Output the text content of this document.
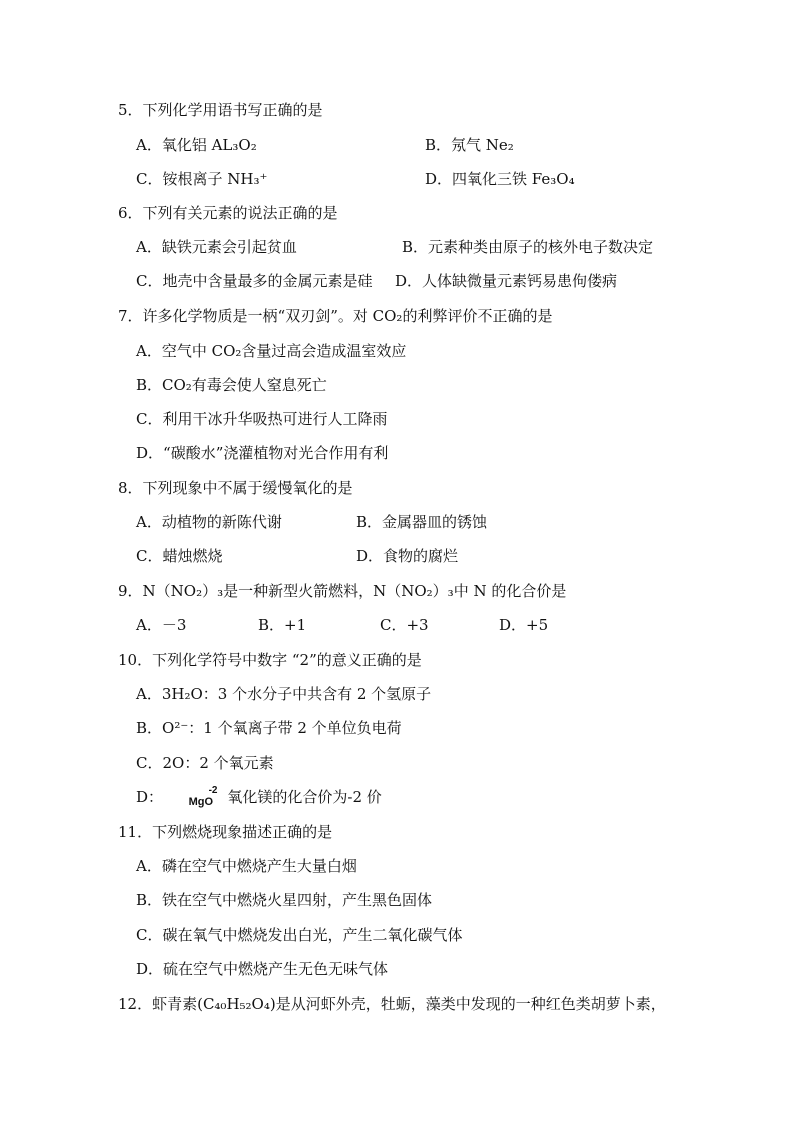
5．下列化学用语书写正确的是
A．氧化铝 AL₃O₂	B．氖气 Ne₂
C．铵根离子 NH₃⁺	D．四氧化三铁 Fe₃O₄
6．下列有关元素的说法正确的是
A．缺铁元素会引起贫血	B．元素种类由原子的核外电子数决定
C．地壳中含量最多的金属元素是硅 D．人体缺微量元素钙易患佝偻病
7．许多化学物质是一柄“双刃剑”。对 CO₂的利弊评价不正确的是
A．空气中 CO₂含量过高会造成温室效应
B．CO₂有毒会使人窒息死亡
C．利用干冰升华吸热可进行人工降雨
D．“碳酸水”浇灌植物对光合作用有利
8．下列现象中不属于缓慢氧化的是
A．动植物的新陈代谢	B．金属器皿的锈蚀
C．蜡烛燃烧	D．食物的腐烂
9．N（NO₂）₃是一种新型火箭燃料，N（NO₂）₃中 N 的化合价是
A．－3	B．+1	C．+3	D．+5
10．下列化学符号中数字 “2”的意义正确的是
A．3H₂O：3 个水分子中共含有 2 个氢原子
B．O²⁻：1 个氧离子带 2 个单位负电荷
C．2O：2 个氧元素
D： MgO
-2 氧化镁的化合价为-2 价
11．下列燃烧现象描述正确的是
A．磷在空气中燃烧产生大量白烟
B．铁在空气中燃烧火星四射，产生黑色固体
C．碳在氧气中燃烧发出白光，产生二氧化碳气体
D．硫在空气中燃烧产生无色无味气体
12．虾青素(C₄₀H₅₂O₄)是从河虾外壳，牡蛎，藻类中发现的一种红色类胡萝卜素，
